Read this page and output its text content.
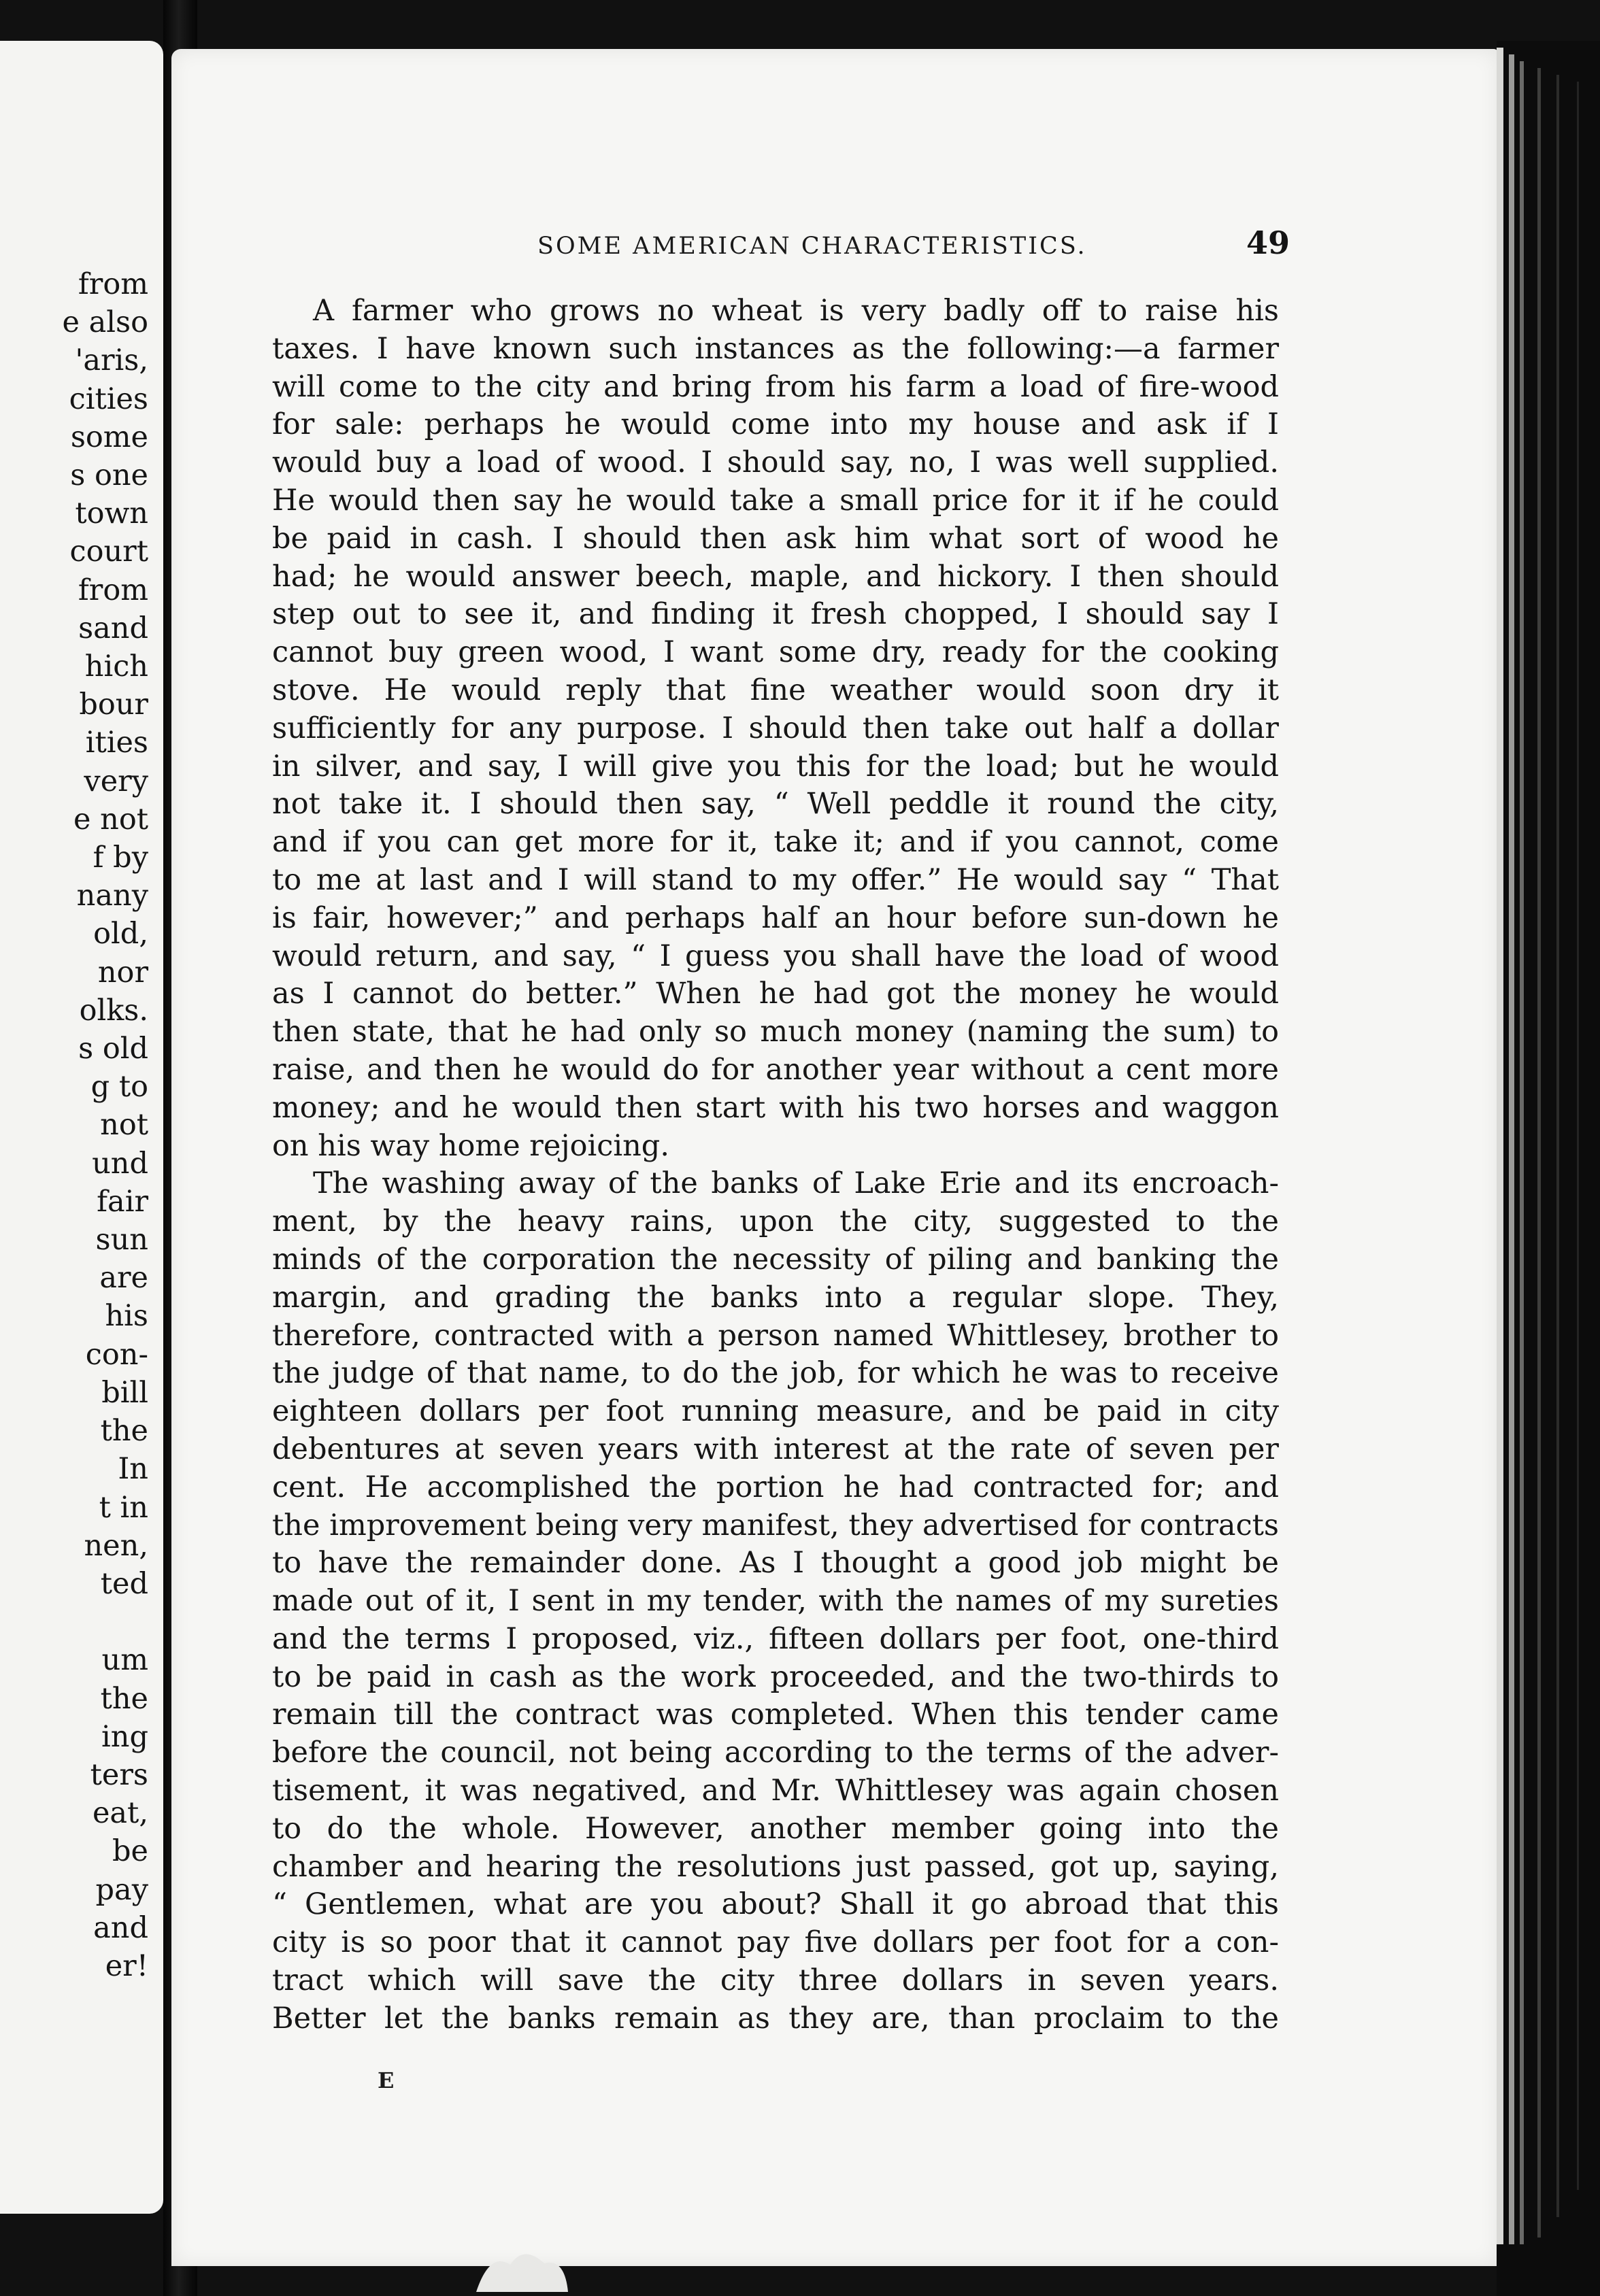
from
e also
'aris,
cities
some
s one
town
court
from
sand
hich
bour
ities
very
e not
f by
nany
old,
nor
olks.
s old
g to
not
und
fair
sun
are
his
con-
bill
the
In
t in
nen,
ted

um
the
ing
ters
eat,
be
pay
and
er!
SOME AMERICAN CHARACTERISTICS.	49
A farmer who grows no wheat is very badly off to raise his
taxes. I have known such instances as the following:—a farmer
will come to the city and bring from his farm a load of fire-wood
for sale: perhaps he would come into my house and ask if I
would buy a load of wood. I should say, no, I was well supplied.
He would then say he would take a small price for it if he could
be paid in cash. I should then ask him what sort of wood he
had; he would answer beech, maple, and hickory. I then should
step out to see it, and finding it fresh chopped, I should say I
cannot buy green wood, I want some dry, ready for the cooking
stove. He would reply that fine weather would soon dry it
sufficiently for any purpose. I should then take out half a dollar
in silver, and say, I will give you this for the load; but he would
not take it. I should then say, “ Well peddle it round the city,
and if you can get more for it, take it; and if you cannot, come
to me at last and I will stand to my offer.” He would say “ That
is fair, however;” and perhaps half an hour before sun-down he
would return, and say, “ I guess you shall have the load of wood
as I cannot do better.” When he had got the money he would
then state, that he had only so much money (naming the sum) to
raise, and then he would do for another year without a cent more
money; and he would then start with his two horses and waggon
on his way home rejoicing.
The washing away of the banks of Lake Erie and its encroach-
ment, by the heavy rains, upon the city, suggested to the
minds of the corporation the necessity of piling and banking the
margin, and grading the banks into a regular slope. They,
therefore, contracted with a person named Whittlesey, brother to
the judge of that name, to do the job, for which he was to receive
eighteen dollars per foot running measure, and be paid in city
debentures at seven years with interest at the rate of seven per
cent. He accomplished the portion he had contracted for; and
the improvement being very manifest, they advertised for contracts
to have the remainder done. As I thought a good job might be
made out of it, I sent in my tender, with the names of my sureties
and the terms I proposed, viz., fifteen dollars per foot, one-third
to be paid in cash as the work proceeded, and the two-thirds to
remain till the contract was completed. When this tender came
before the council, not being according to the terms of the adver-
tisement, it was negatived, and Mr. Whittlesey was again chosen
to do the whole. However, another member going into the
chamber and hearing the resolutions just passed, got up, saying,
“ Gentlemen, what are you about? Shall it go abroad that this
city is so poor that it cannot pay five dollars per foot for a con-
tract which will save the city three dollars in seven years.
Better let the banks remain as they are, than proclaim to the
E
